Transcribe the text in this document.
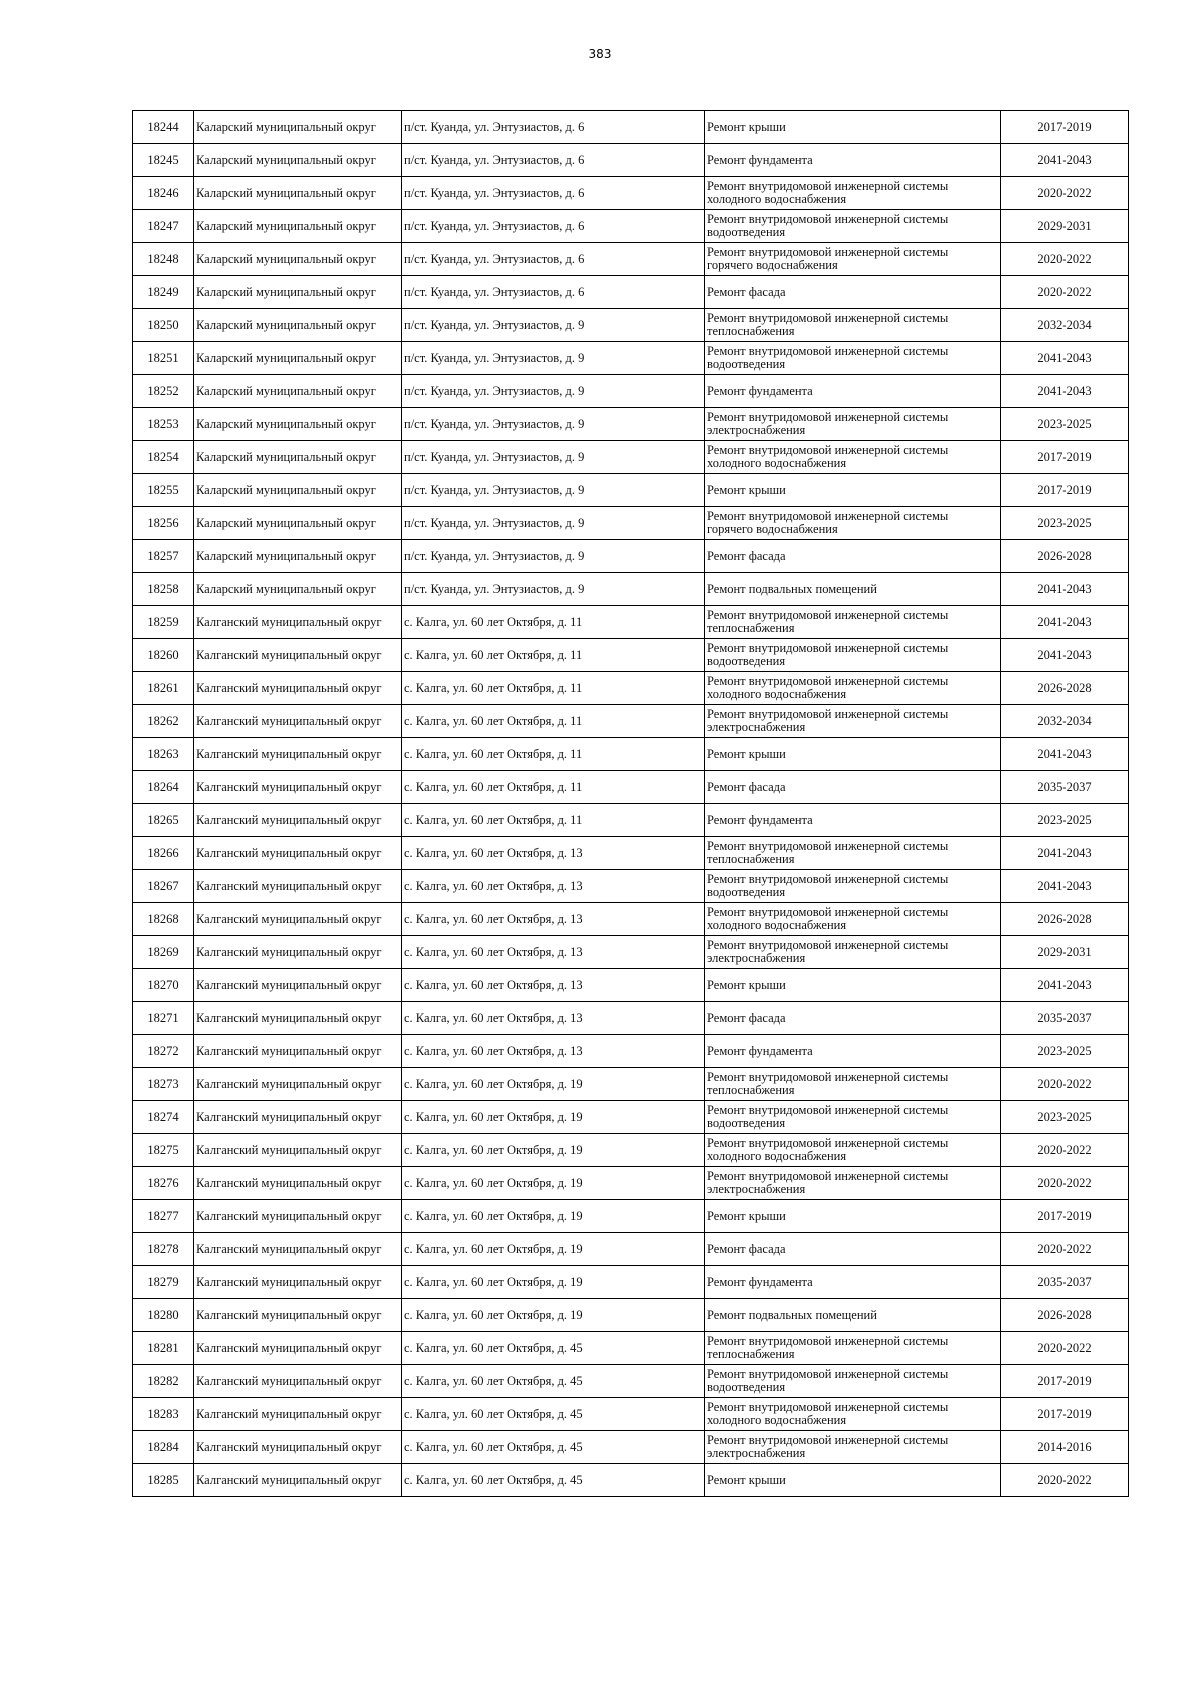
383
18244	Каларский муниципальный округ	п/ст. Куанда, ул. Энтузиастов, д. 6	Ремонт крыши	2017-2019
18245	Каларский муниципальный округ	п/ст. Куанда, ул. Энтузиастов, д. 6	Ремонт фундамента	2041-2043
18246	Каларский муниципальный округ	п/ст. Куанда, ул. Энтузиастов, д. 6	Ремонт внутридомовой инженерной системы
холодного водоснабжения	2020-2022
18247	Каларский муниципальный округ	п/ст. Куанда, ул. Энтузиастов, д. 6	Ремонт внутридомовой инженерной системы
водоотведения	2029-2031
18248	Каларский муниципальный округ	п/ст. Куанда, ул. Энтузиастов, д. 6	Ремонт внутридомовой инженерной системы
горячего водоснабжения	2020-2022
18249	Каларский муниципальный округ	п/ст. Куанда, ул. Энтузиастов, д. 6	Ремонт фасада	2020-2022
18250	Каларский муниципальный округ	п/ст. Куанда, ул. Энтузиастов, д. 9	Ремонт внутридомовой инженерной системы
теплоснабжения	2032-2034
18251	Каларский муниципальный округ	п/ст. Куанда, ул. Энтузиастов, д. 9	Ремонт внутридомовой инженерной системы
водоотведения	2041-2043
18252	Каларский муниципальный округ	п/ст. Куанда, ул. Энтузиастов, д. 9	Ремонт фундамента	2041-2043
18253	Каларский муниципальный округ	п/ст. Куанда, ул. Энтузиастов, д. 9	Ремонт внутридомовой инженерной системы
электроснабжения	2023-2025
18254	Каларский муниципальный округ	п/ст. Куанда, ул. Энтузиастов, д. 9	Ремонт внутридомовой инженерной системы
холодного водоснабжения	2017-2019
18255	Каларский муниципальный округ	п/ст. Куанда, ул. Энтузиастов, д. 9	Ремонт крыши	2017-2019
18256	Каларский муниципальный округ	п/ст. Куанда, ул. Энтузиастов, д. 9	Ремонт внутридомовой инженерной системы
горячего водоснабжения	2023-2025
18257	Каларский муниципальный округ	п/ст. Куанда, ул. Энтузиастов, д. 9	Ремонт фасада	2026-2028
18258	Каларский муниципальный округ	п/ст. Куанда, ул. Энтузиастов, д. 9	Ремонт подвальных помещений	2041-2043
18259	Калганский муниципальный округ	с. Калга, ул. 60 лет Октября, д. 11	Ремонт внутридомовой инженерной системы
теплоснабжения	2041-2043
18260	Калганский муниципальный округ	с. Калга, ул. 60 лет Октября, д. 11	Ремонт внутридомовой инженерной системы
водоотведения	2041-2043
18261	Калганский муниципальный округ	с. Калга, ул. 60 лет Октября, д. 11	Ремонт внутридомовой инженерной системы
холодного водоснабжения	2026-2028
18262	Калганский муниципальный округ	с. Калга, ул. 60 лет Октября, д. 11	Ремонт внутридомовой инженерной системы
электроснабжения	2032-2034
18263	Калганский муниципальный округ	с. Калга, ул. 60 лет Октября, д. 11	Ремонт крыши	2041-2043
18264	Калганский муниципальный округ	с. Калга, ул. 60 лет Октября, д. 11	Ремонт фасада	2035-2037
18265	Калганский муниципальный округ	с. Калга, ул. 60 лет Октября, д. 11	Ремонт фундамента	2023-2025
18266	Калганский муниципальный округ	с. Калга, ул. 60 лет Октября, д. 13	Ремонт внутридомовой инженерной системы
теплоснабжения	2041-2043
18267	Калганский муниципальный округ	с. Калга, ул. 60 лет Октября, д. 13	Ремонт внутридомовой инженерной системы
водоотведения	2041-2043
18268	Калганский муниципальный округ	с. Калга, ул. 60 лет Октября, д. 13	Ремонт внутридомовой инженерной системы
холодного водоснабжения	2026-2028
18269	Калганский муниципальный округ	с. Калга, ул. 60 лет Октября, д. 13	Ремонт внутридомовой инженерной системы
электроснабжения	2029-2031
18270	Калганский муниципальный округ	с. Калга, ул. 60 лет Октября, д. 13	Ремонт крыши	2041-2043
18271	Калганский муниципальный округ	с. Калга, ул. 60 лет Октября, д. 13	Ремонт фасада	2035-2037
18272	Калганский муниципальный округ	с. Калга, ул. 60 лет Октября, д. 13	Ремонт фундамента	2023-2025
18273	Калганский муниципальный округ	с. Калга, ул. 60 лет Октября, д. 19	Ремонт внутридомовой инженерной системы
теплоснабжения	2020-2022
18274	Калганский муниципальный округ	с. Калга, ул. 60 лет Октября, д. 19	Ремонт внутридомовой инженерной системы
водоотведения	2023-2025
18275	Калганский муниципальный округ	с. Калга, ул. 60 лет Октября, д. 19	Ремонт внутридомовой инженерной системы
холодного водоснабжения	2020-2022
18276	Калганский муниципальный округ	с. Калга, ул. 60 лет Октября, д. 19	Ремонт внутридомовой инженерной системы
электроснабжения	2020-2022
18277	Калганский муниципальный округ	с. Калга, ул. 60 лет Октября, д. 19	Ремонт крыши	2017-2019
18278	Калганский муниципальный округ	с. Калга, ул. 60 лет Октября, д. 19	Ремонт фасада	2020-2022
18279	Калганский муниципальный округ	с. Калга, ул. 60 лет Октября, д. 19	Ремонт фундамента	2035-2037
18280	Калганский муниципальный округ	с. Калга, ул. 60 лет Октября, д. 19	Ремонт подвальных помещений	2026-2028
18281	Калганский муниципальный округ	с. Калга, ул. 60 лет Октября, д. 45	Ремонт внутридомовой инженерной системы
теплоснабжения	2020-2022
18282	Калганский муниципальный округ	с. Калга, ул. 60 лет Октября, д. 45	Ремонт внутридомовой инженерной системы
водоотведения	2017-2019
18283	Калганский муниципальный округ	с. Калга, ул. 60 лет Октября, д. 45	Ремонт внутридомовой инженерной системы
холодного водоснабжения	2017-2019
18284	Калганский муниципальный округ	с. Калга, ул. 60 лет Октября, д. 45	Ремонт внутридомовой инженерной системы
электроснабжения	2014-2016
18285	Калганский муниципальный округ	с. Калга, ул. 60 лет Октября, д. 45	Ремонт крыши	2020-2022
